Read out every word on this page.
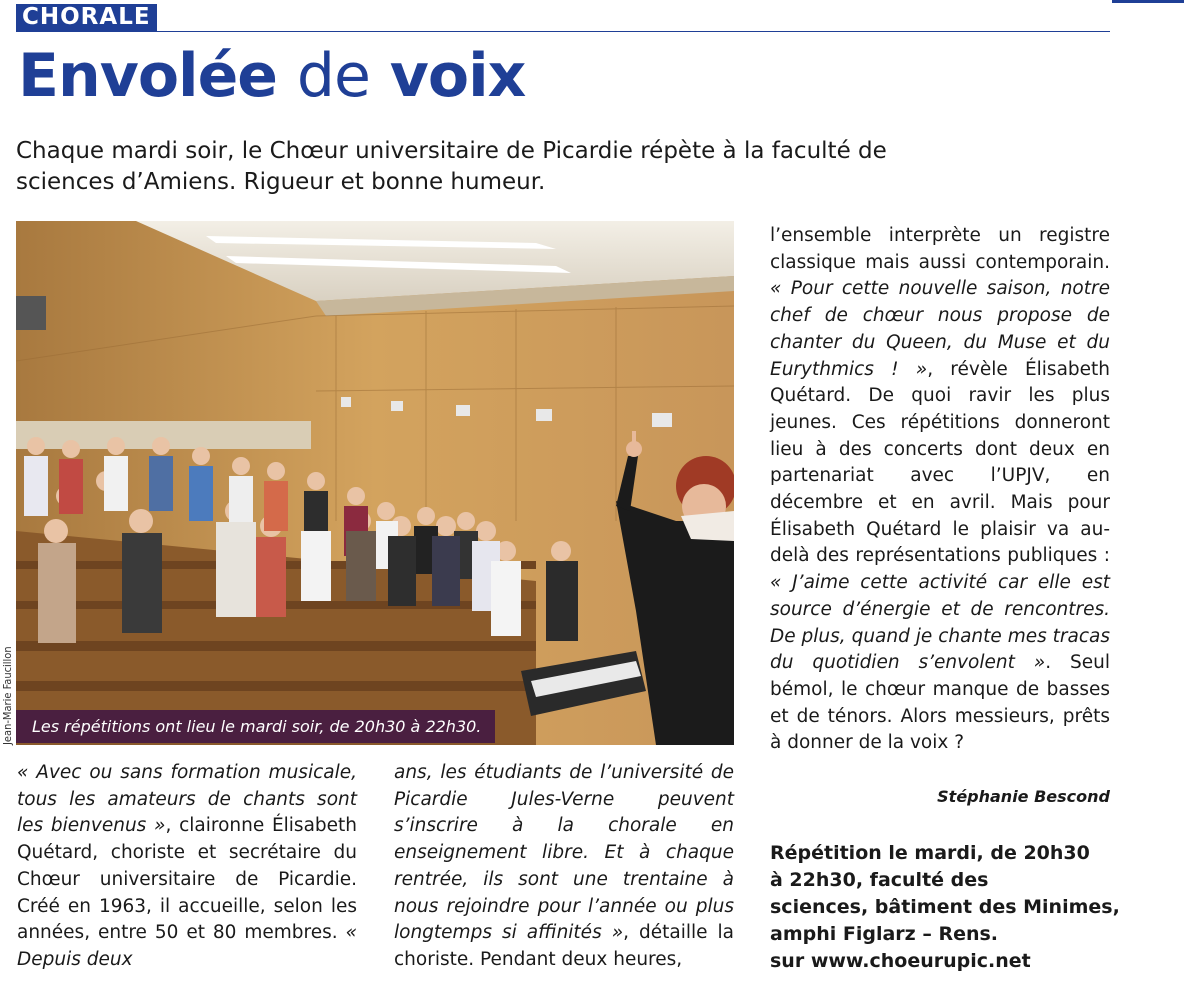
CHORALE
Envolée de voix
Chaque mardi soir, le Chœur universitaire de Picardie répète à la faculté de sciences d’Amiens. Rigueur et bonne humeur.
Les répétitions ont lieu le mardi soir, de 20h30 à 22h30.
Jean-Marie Faucillon

« Avec ou sans formation musicale, tous les amateurs de chants sont les bienvenus », claironne Élisabeth Quétard, choriste et secrétaire du Chœur universitaire de Picardie. Créé en 1963, il accueille, selon les années, entre 50 et 80 membres. « Depuis deux

ans, les étudiants de l’université de Picardie Jules-Verne peuvent s’inscrire à la chorale en enseignement libre. Et à chaque rentrée, ils sont une trentaine à nous rejoindre pour l’année ou plus longtemps si affinités », détaille la choriste. Pendant deux heures,

l’ensemble interprète un registre classique mais aussi contemporain. « Pour cette nouvelle saison, notre chef de chœur nous propose de chanter du Queen, du Muse et du Eurythmics ! », révèle Élisabeth Quétard. De quoi ravir les plus jeunes. Ces répétitions donneront lieu à des concerts dont deux en partenariat avec l’UPJV, en décembre et en avril. Mais pour Élisabeth Quétard le plaisir va au-delà des représentations publiques : « J’aime cette activité car elle est source d’énergie et de rencontres. De plus, quand je chante mes tracas du quotidien s’envolent ». Seul bémol, le chœur manque de basses et de ténors. Alors messieurs, prêts à donner de la voix ?

Stéphanie Bescond
Répétition le mardi, de 20h30
à 22h30, faculté des
sciences, bâtiment des Minimes,
amphi Figlarz – Rens.
sur www.choeurupic.net
